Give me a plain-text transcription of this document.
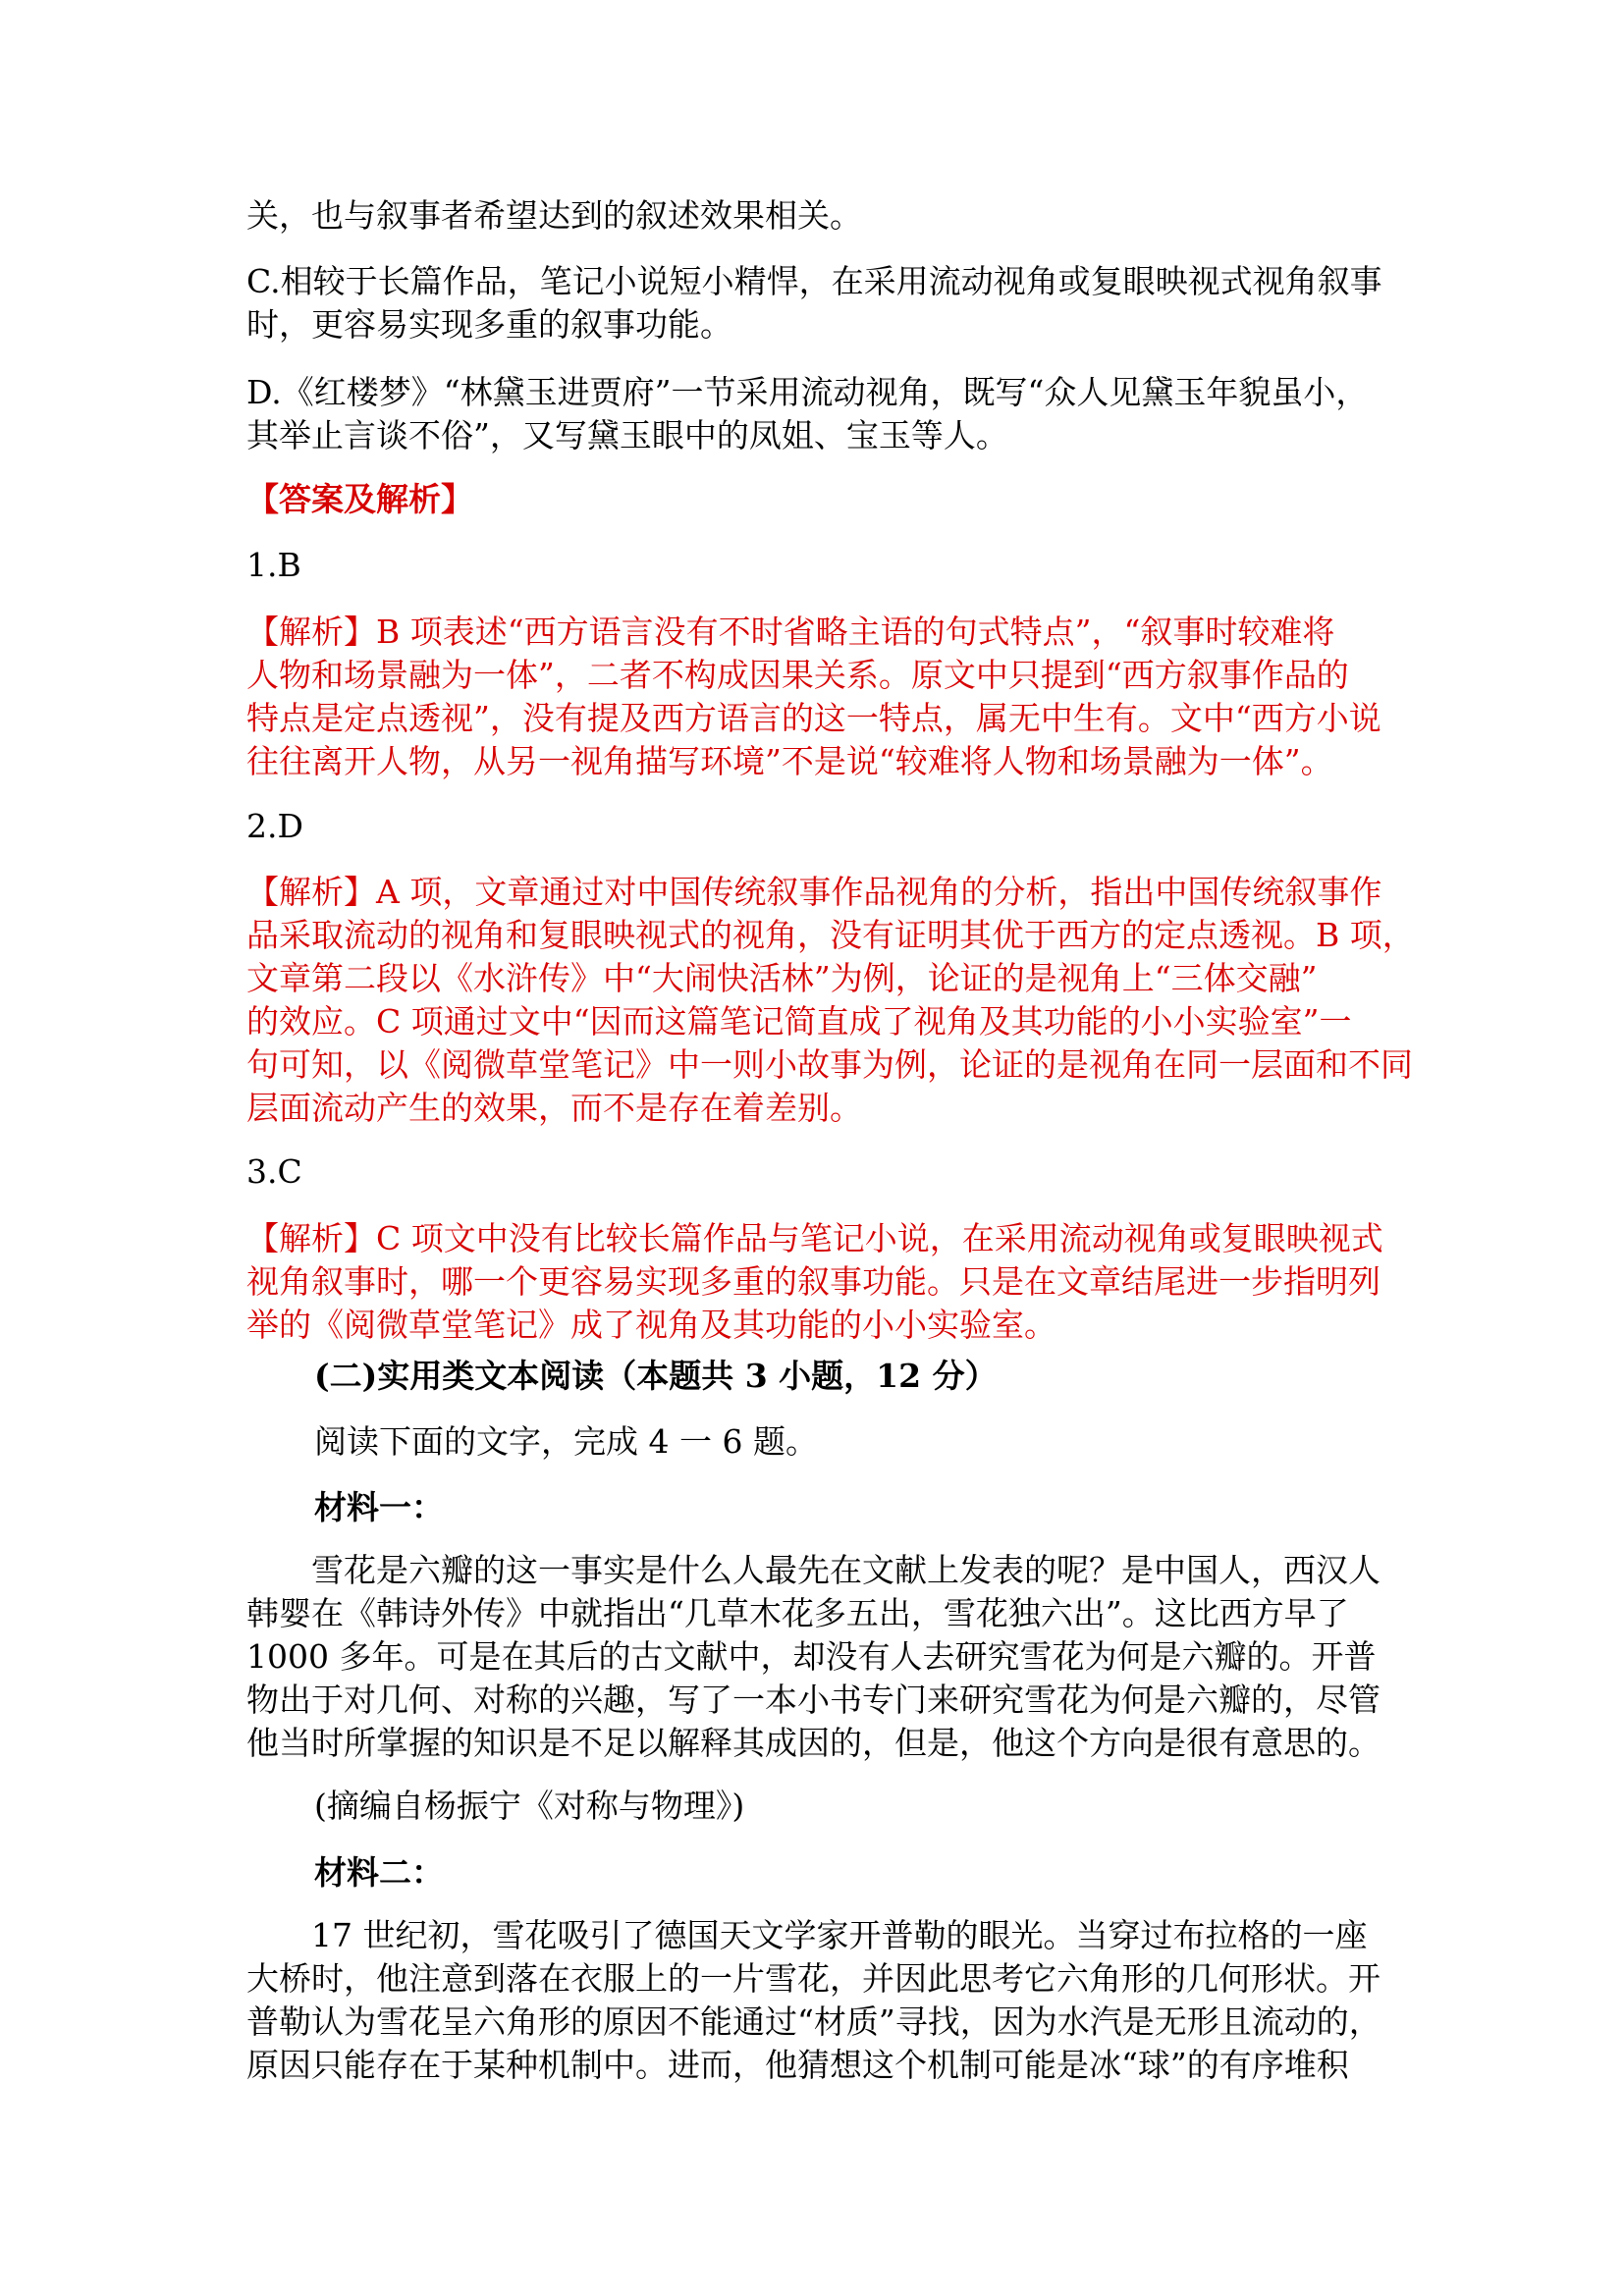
关，也与叙事者希望达到的叙述效果相关。
C.相较于长篇作品，笔记小说短小精悍，在采用流动视角或复眼映视式视角叙事
时，更容易实现多重的叙事功能。
D.《红楼梦》“林黛玉进贾府”一节采用流动视角，既写“众人见黛玉年貌虽小，
其举止言谈不俗”，又写黛玉眼中的凤姐、宝玉等人。
【答案及解析】
1.B
【解析】B 项表述“西方语言没有不时省略主语的句式特点”，“叙事时较难将
人物和场景融为一体”，二者不构成因果关系。原文中只提到“西方叙事作品的
特点是定点透视”，没有提及西方语言的这一特点，属无中生有。文中“西方小说
往往离开人物，从另一视角描写环境”不是说“较难将人物和场景融为一体”。
2.D
【解析】A 项，文章通过对中国传统叙事作品视角的分析，指出中国传统叙事作
品采取流动的视角和复眼映视式的视角，没有证明其优于西方的定点透视。B 项，
文章第二段以《水浒传》中“大闹快活林”为例，论证的是视角上“三体交融”
的效应。C 项通过文中“因而这篇笔记简直成了视角及其功能的小小实验室”一
句可知，以《阅微草堂笔记》中一则小故事为例，论证的是视角在同一层面和不同
层面流动产生的效果，而不是存在着差别。
3.C
【解析】C 项文中没有比较长篇作品与笔记小说，在采用流动视角或复眼映视式
视角叙事时，哪一个更容易实现多重的叙事功能。只是在文章结尾进一步指明列
举的《阅微草堂笔记》成了视角及其功能的小小实验室。
(二)实用类文本阅读（本题共 3 小题，12 分）
阅读下面的文字，完成 4 一 6 题。
材料一：
雪花是六瓣的这一事实是什么人最先在文献上发表的呢？是中国人，西汉人
韩婴在《韩诗外传》中就指出“几草木花多五出，雪花独六出”。这比西方早了
1000 多年。可是在其后的古文献中，却没有人去研究雪花为何是六瓣的。开普
物出于对几何、对称的兴趣，写了一本小书专门来研究雪花为何是六瓣的，尽管
他当时所掌握的知识是不足以解释其成因的，但是，他这个方向是很有意思的。
(摘编自杨振宁《对称与物理》)
材料二：
17 世纪初，雪花吸引了德国天文学家开普勒的眼光。当穿过布拉格的一座
大桥时，他注意到落在衣服上的一片雪花，并因此思考它六角形的几何形状。开
普勒认为雪花呈六角形的原因不能通过“材质”寻找，因为水汽是无形且流动的，
原因只能存在于某种机制中。进而，他猜想这个机制可能是冰“球”的有序堆积
